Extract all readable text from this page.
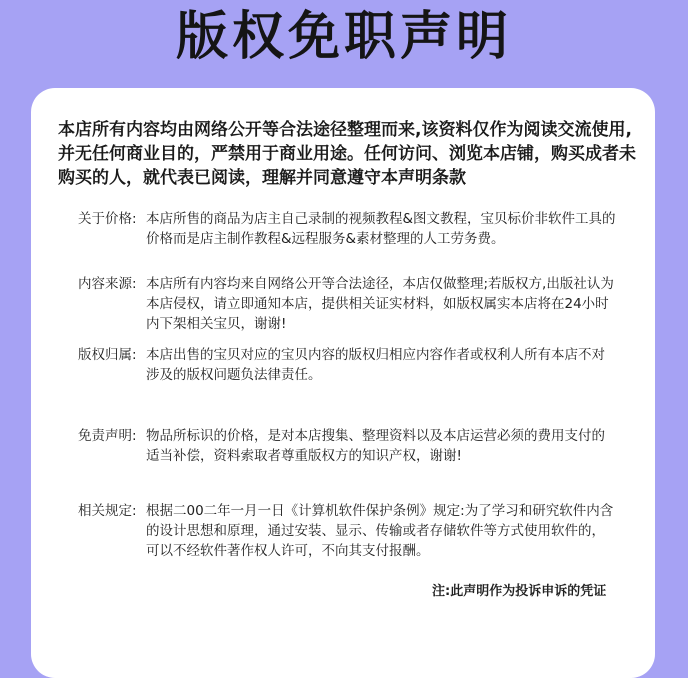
版权免职声明
本店所有内容均由网络公开等合法途径整理而来,该资料仅作为阅读交流使用,并无任何商业目的，严禁用于商业用途。任何访问、浏览本店铺，购买成者未购买的人，就代表已阅读，理解并同意遵守本声明条款
关于价格: 本店所售的商品为店主自己录制的视频教程&图文教程，宝贝标价非软件工具的价格而是店主制作教程&远程服务&素材整理的人工劳务费。
内容来源: 本店所有内容均来自网络公开等合法途径，本店仅做整理;若版权方,出版社认为本店侵权，请立即通知本店，提供相关证实材料，如版权属实本店将在24小时内下架相关宝贝，谢谢!
版权归属: 本店出售的宝贝对应的宝贝内容的版权归相应内容作者或权利人所有本店不对涉及的版权问题负法律责任。
免责声明: 物品所标识的价格，是对本店搜集、整理资料以及本店运营必须的费用支付的适当补偿，资料索取者尊重版权方的知识产权，谢谢!
相关规定: 根据二00二年一月一日《计算机软件保护条例》规定:为了学习和研究软件内含的设计思想和原理，通过安装、显示、传输或者存储软件等方式使用软件的，可以不经软件著作权人许可，不向其支付报酬。
注:此声明作为投诉申诉的凭证
